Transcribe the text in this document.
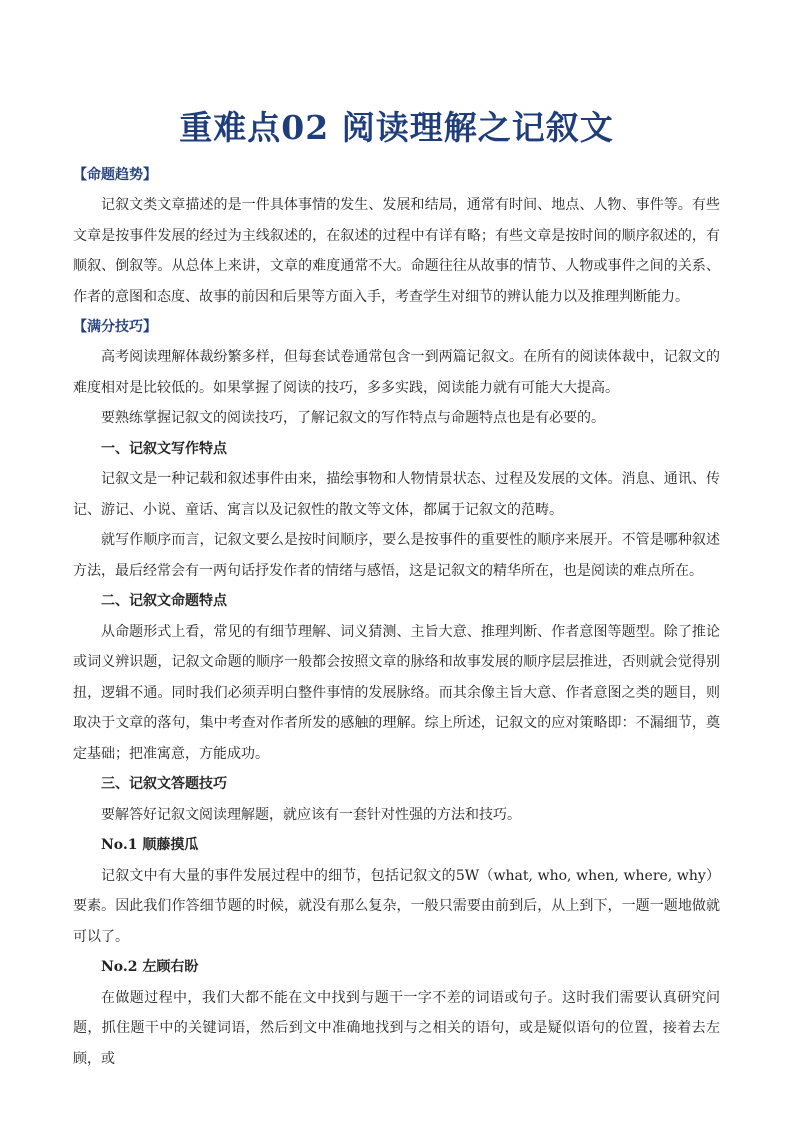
重难点02 阅读理解之记叙文

【命题趋势】

记叙文类文章描述的是一件具体事情的发生、发展和结局，通常有时间、地点、人物、事件等。有些文章是按事件发展的经过为主线叙述的，在叙述的过程中有详有略；有些文章是按时间的顺序叙述的，有顺叙、倒叙等。从总体上来讲，文章的难度通常不大。命题往往从故事的情节、人物或事件之间的关系、作者的意图和态度、故事的前因和后果等方面入手，考查学生对细节的辨认能力以及推理判断能力。

【满分技巧】

高考阅读理解体裁纷繁多样，但每套试卷通常包含一到两篇记叙文。在所有的阅读体裁中，记叙文的难度相对是比较低的。如果掌握了阅读的技巧，多多实践，阅读能力就有可能大大提高。

要熟练掌握记叙文的阅读技巧，了解记叙文的写作特点与命题特点也是有必要的。

一、记叙文写作特点

记叙文是一种记载和叙述事件由来，描绘事物和人物情景状态、过程及发展的文体。消息、通讯、传记、游记、小说、童话、寓言以及记叙性的散文等文体，都属于记叙文的范畴。

就写作顺序而言，记叙文要么是按时间顺序，要么是按事件的重要性的顺序来展开。不管是哪种叙述方法，最后经常会有一两句话抒发作者的情绪与感悟，这是记叙文的精华所在，也是阅读的难点所在。

二、记叙文命题特点

从命题形式上看，常见的有细节理解、词义猜测、主旨大意、推理判断、作者意图等题型。除了推论或词义辨识题，记叙文命题的顺序一般都会按照文章的脉络和故事发展的顺序层层推进，否则就会觉得别扭，逻辑不通。同时我们必须弄明白整件事情的发展脉络。而其余像主旨大意、作者意图之类的题目，则取决于文章的落句，集中考查对作者所发的感触的理解。综上所述，记叙文的应对策略即：不漏细节，奠定基础；把准寓意，方能成功。

三、记叙文答题技巧

要解答好记叙文阅读理解题，就应该有一套针对性强的方法和技巧。

No.1 顺藤摸瓜

记叙文中有大量的事件发展过程中的细节，包括记叙文的5W（what, who, when, where, why）要素。因此我们作答细节题的时候，就没有那么复杂，一般只需要由前到后，从上到下，一题一题地做就可以了。

No.2 左顾右盼

在做题过程中，我们大都不能在文中找到与题干一字不差的词语或句子。这时我们需要认真研究问题，抓住题干中的关键词语，然后到文中准确地找到与之相关的语句，或是疑似语句的位置，接着去左顾，或
